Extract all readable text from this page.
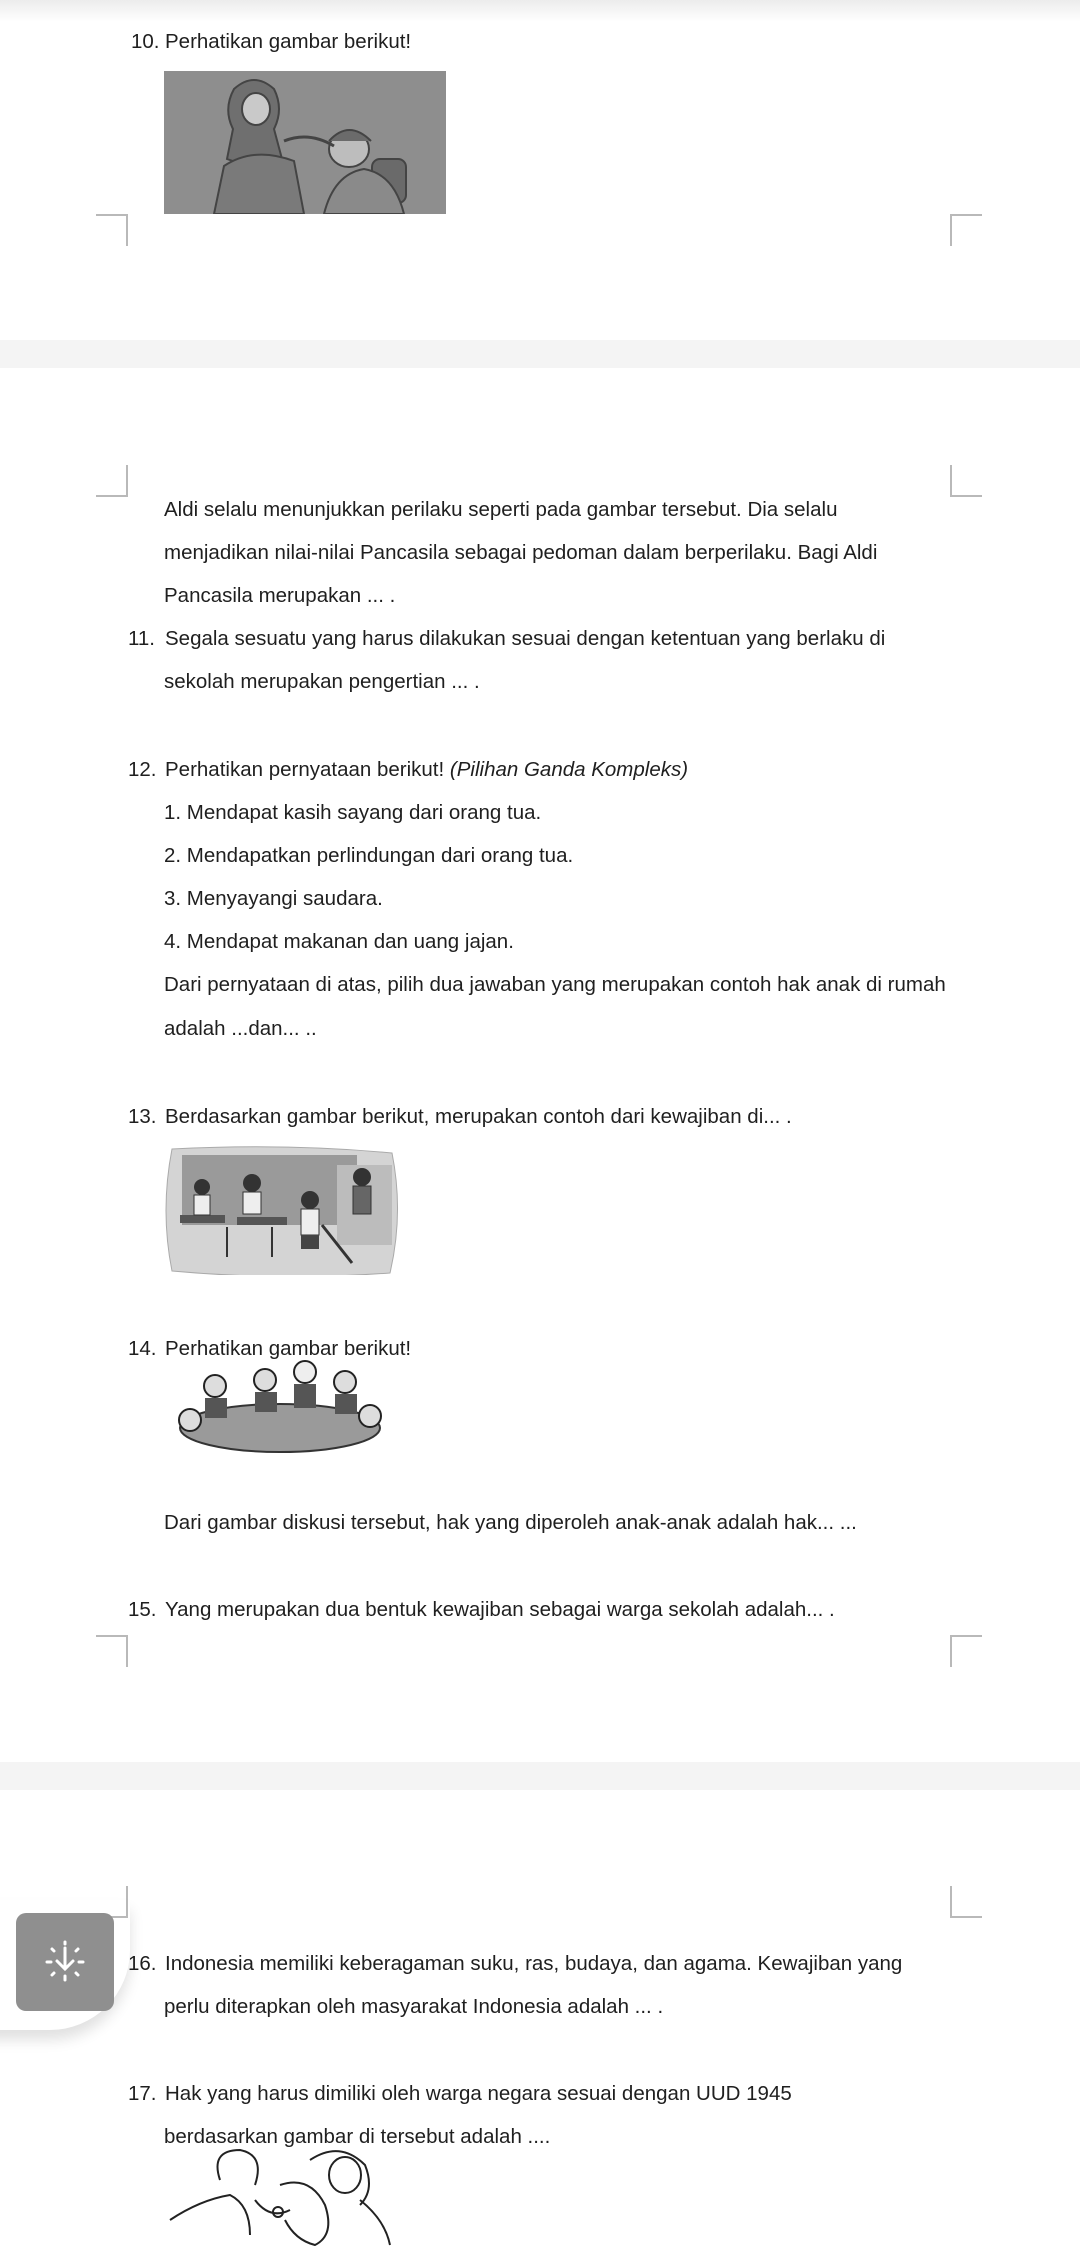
10. Perhatikan gambar berikut!
Aldi selalu menunjukkan perilaku seperti pada gambar tersebut. Dia selalu
menjadikan nilai-nilai Pancasila sebagai pedoman dalam berperilaku. Bagi Aldi
Pancasila merupakan ... .
11. Segala sesuatu yang harus dilakukan sesuai dengan ketentuan yang berlaku di
sekolah merupakan pengertian ... .
12. Perhatikan pernyataan berikut! (Pilihan Ganda Kompleks)
1. Mendapat kasih sayang dari orang tua.
2. Mendapatkan perlindungan dari orang tua.
3. Menyayangi saudara.
4. Mendapat makanan dan uang jajan.
Dari pernyataan di atas, pilih dua jawaban yang merupakan contoh hak anak di rumah
adalah ...dan... ..
13. Berdasarkan gambar berikut, merupakan contoh dari kewajiban di... .
14. Perhatikan gambar berikut!
Dari gambar diskusi tersebut, hak yang diperoleh anak-anak adalah hak... ...
15. Yang merupakan dua bentuk kewajiban sebagai warga sekolah adalah... .
16. Indonesia memiliki keberagaman suku, ras, budaya, dan agama. Kewajiban yang
perlu diterapkan oleh masyarakat Indonesia adalah ... .
17. Hak yang harus dimiliki oleh warga negara sesuai dengan UUD 1945
berdasarkan gambar di tersebut adalah ....
